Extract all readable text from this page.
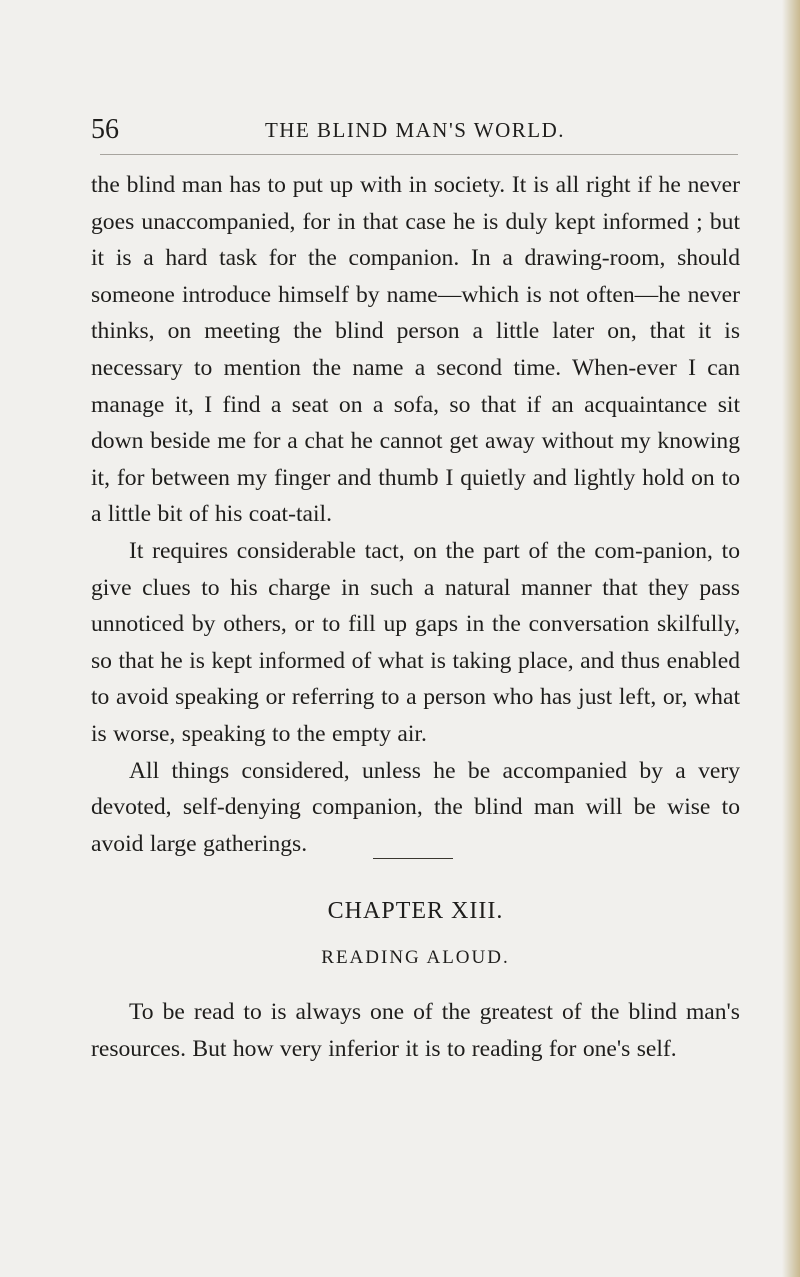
56	THE BLIND MAN'S WORLD.

the blind man has to put up with in society. It is all right if he never goes unaccompanied, for in that case he is duly kept informed ; but it is a hard task for the companion. In a drawing-room, should someone introduce himself by name—which is not often—he never thinks, on meeting the blind person a little later on, that it is necessary to mention the name a second time. When-ever I can manage it, I find a seat on a sofa, so that if an acquaintance sit down beside me for a chat he cannot get away without my knowing it, for between my finger and thumb I quietly and lightly hold on to a little bit of his coat-tail.

It requires considerable tact, on the part of the com-panion, to give clues to his charge in such a natural manner that they pass unnoticed by others, or to fill up gaps in the conversation skilfully, so that he is kept informed of what is taking place, and thus enabled to avoid speaking or referring to a person who has just left, or, what is worse, speaking to the empty air.

All things considered, unless he be accompanied by a very devoted, self-denying companion, the blind man will be wise to avoid large gatherings.

CHAPTER XIII.
READING ALOUD.

To be read to is always one of the greatest of the blind man's resources. But how very inferior it is to reading for one's self.
